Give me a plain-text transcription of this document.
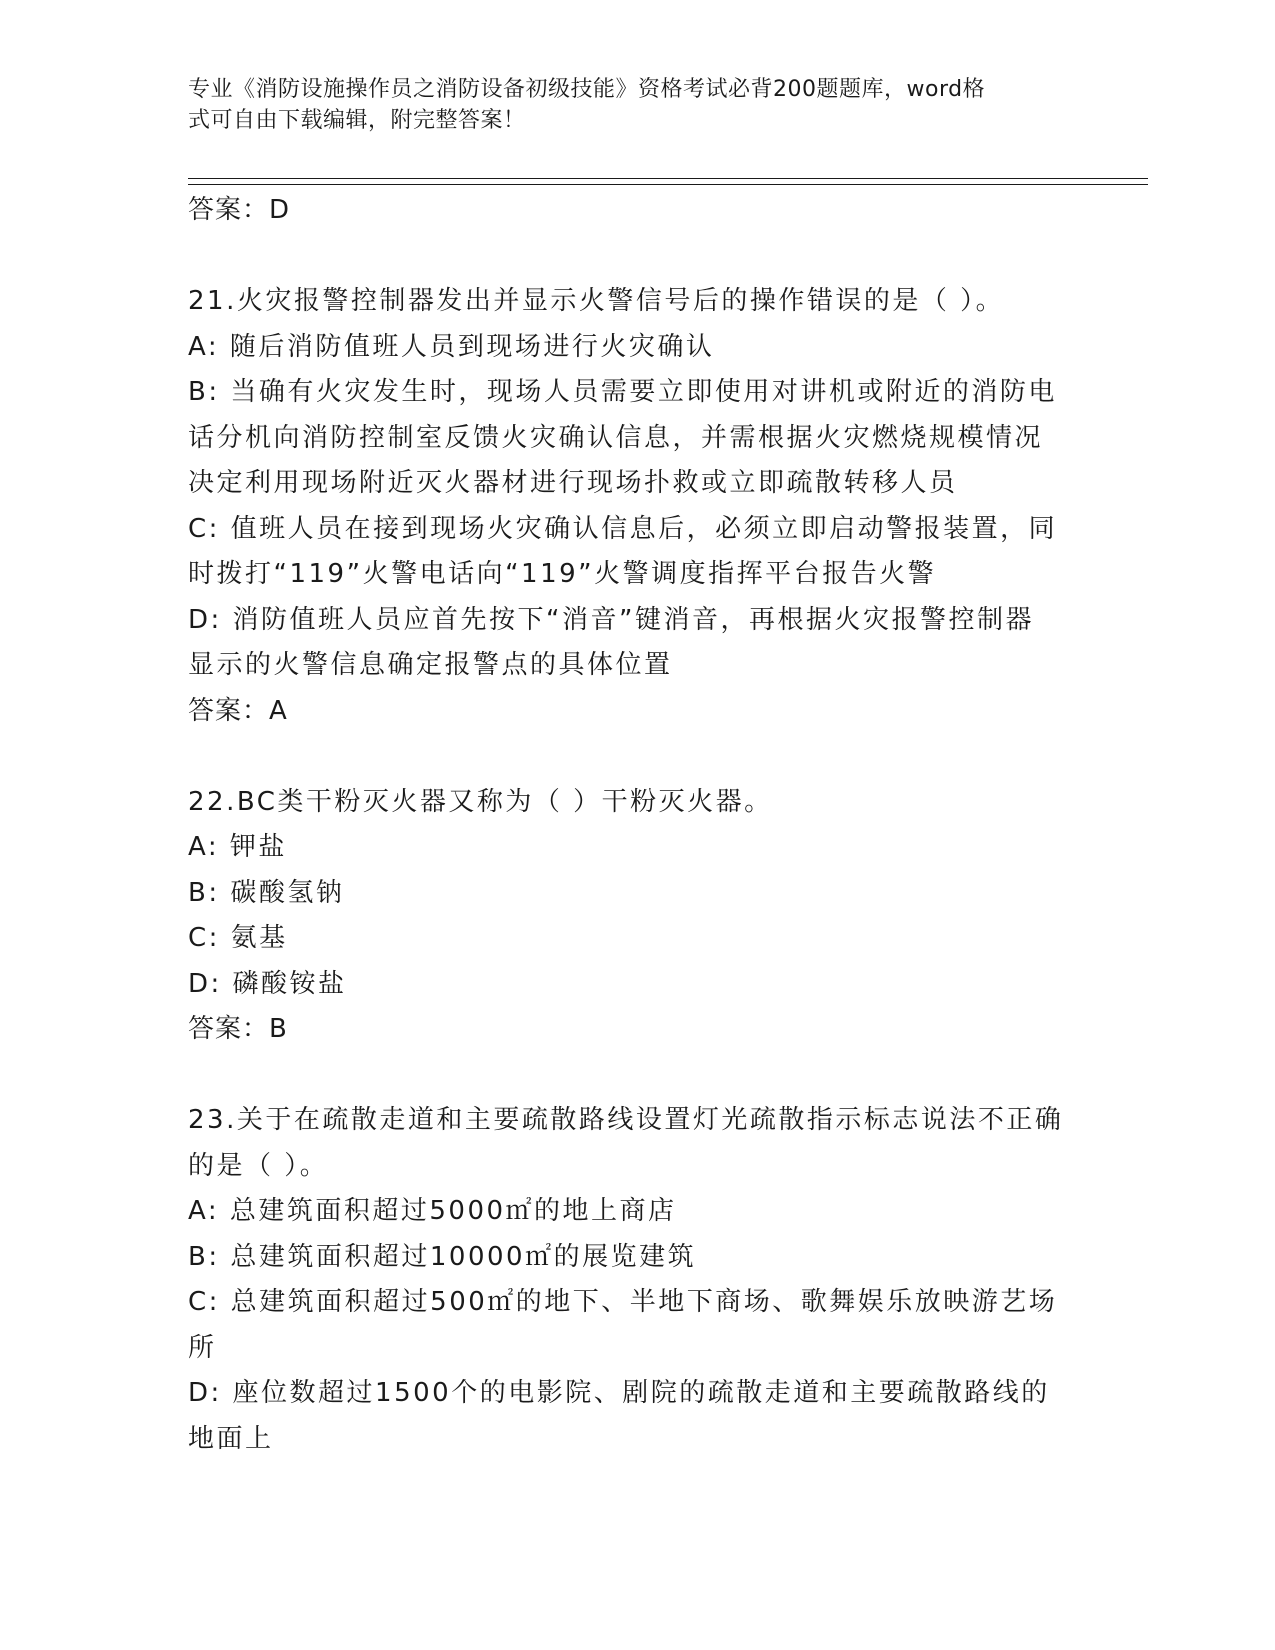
专业《消防设施操作员之消防设备初级技能》资格考试必背200题题库，word格
式可自由下载编辑，附完整答案！
答案：D
21.火灾报警控制器发出并显示火警信号后的操作错误的是（ ）。
A: 随后消防值班人员到现场进行火灾确认
B: 当确有火灾发生时，现场人员需要立即使用对讲机或附近的消防电
话分机向消防控制室反馈火灾确认信息，并需根据火灾燃烧规模情况
决定利用现场附近灭火器材进行现场扑救或立即疏散转移人员
C: 值班人员在接到现场火灾确认信息后，必须立即启动警报装置，同
时拨打“119”火警电话向“119”火警调度指挥平台报告火警
D: 消防值班人员应首先按下“消音”键消音，再根据火灾报警控制器
显示的火警信息确定报警点的具体位置
答案：A
22.BC类干粉灭火器又称为（ ）干粉灭火器。
A: 钾盐
B: 碳酸氢钠
C: 氨基
D: 磷酸铵盐
答案：B
23.关于在疏散走道和主要疏散路线设置灯光疏散指示标志说法不正确
的是（ ）。
A: 总建筑面积超过5000㎡的地上商店
B: 总建筑面积超过10000㎡的展览建筑
C: 总建筑面积超过500㎡的地下、半地下商场、歌舞娱乐放映游艺场
所
D: 座位数超过1500个的电影院、剧院的疏散走道和主要疏散路线的
地面上
